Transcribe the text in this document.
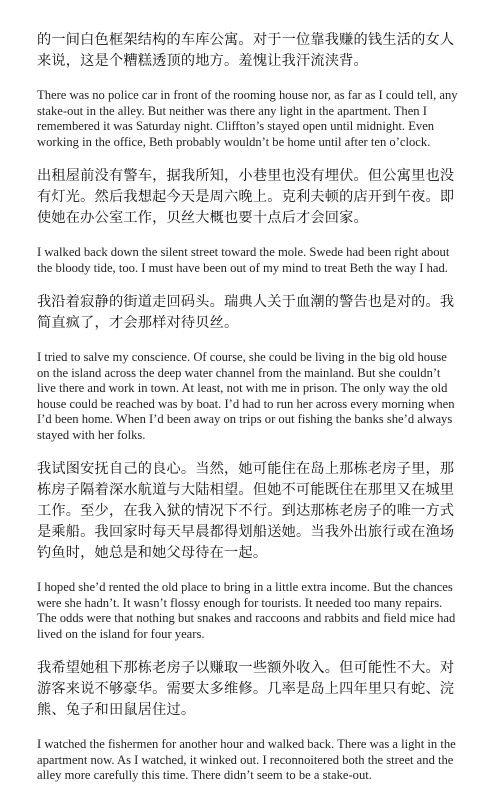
的一间白色框架结构的车库公寓。对于一位靠我赚的钱生活的女人来说，这是个糟糕透顶的地方。羞愧让我汗流浃背。

There was no police car in front of the rooming house nor, as far as I could tell, any stake-out in the alley. But neither was there any light in the apartment. Then I remembered it was Saturday night. Cliffton’s stayed open until midnight. Even working in the office, Beth probably wouldn’t be home until after ten o’clock.

出租屋前没有警车，据我所知，小巷里也没有埋伏。但公寓里也没有灯光。然后我想起今天是周六晚上。克利夫顿的店开到午夜。即使她在办公室工作，贝丝大概也要十点后才会回家。

I walked back down the silent street toward the mole. Swede had been right about the bloody tide, too. I must have been out of my mind to treat Beth the way I had.

我沿着寂静的街道走回码头。瑞典人关于血潮的警告也是对的。我简直疯了，才会那样对待贝丝。

I tried to salve my conscience. Of course, she could be living in the big old house on the island across the deep water channel from the mainland. But she couldn’t live there and work in town. At least, not with me in prison. The only way the old house could be reached was by boat. I’d had to run her across every morning when I’d been home. When I’d been away on trips or out fishing the banks she’d always stayed with her folks.

我试图安抚自己的良心。当然，她可能住在岛上那栋老房子里，那栋房子隔着深水航道与大陆相望。但她不可能既住在那里又在城里工作。至少，在我入狱的情况下不行。到达那栋老房子的唯一方式是乘船。我回家时每天早晨都得划船送她。当我外出旅行或在渔场钓鱼时，她总是和她父母待在一起。

I hoped she’d rented the old place to bring in a little extra income. But the chances were she hadn’t. It wasn’t flossy enough for tourists. It needed too many repairs. The odds were that nothing but snakes and raccoons and rabbits and field mice had lived on the island for four years.

我希望她租下那栋老房子以赚取一些额外收入。但可能性不大。对游客来说不够豪华。需要太多维修。几率是岛上四年里只有蛇、浣熊、兔子和田鼠居住过。

I watched the fishermen for another hour and walked back. There was a light in the apartment now. As I watched, it winked out. I reconnoitered both the street and the alley more carefully this time. There didn’t seem to be a stake-out.
